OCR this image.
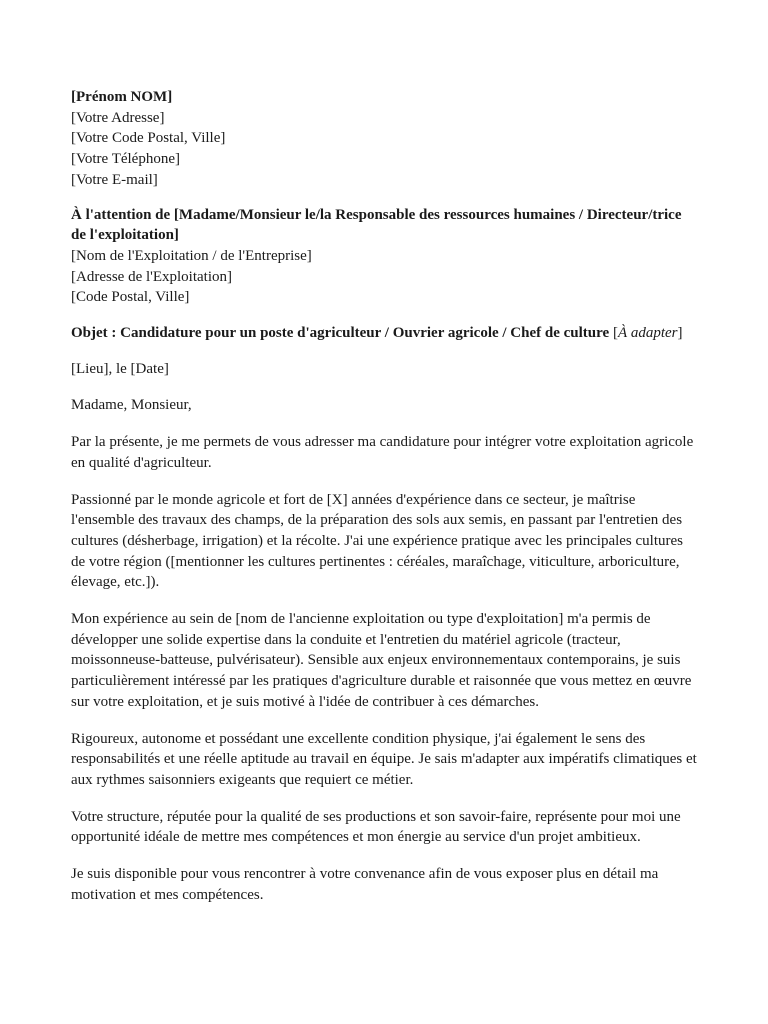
[Prénom NOM]
[Votre Adresse]
[Votre Code Postal, Ville]
[Votre Téléphone]
[Votre E-mail]
À l'attention de [Madame/Monsieur le/la Responsable des ressources humaines / Directeur/trice de l'exploitation]
[Nom de l'Exploitation / de l'Entreprise]
[Adresse de l'Exploitation]
[Code Postal, Ville]
Objet : Candidature pour un poste d'agriculteur / Ouvrier agricole / Chef de culture [À adapter]
[Lieu], le [Date]
Madame, Monsieur,

Par la présente, je me permets de vous adresser ma candidature pour intégrer votre exploitation agricole en qualité d'agriculteur.

Passionné par le monde agricole et fort de [X] années d'expérience dans ce secteur, je maîtrise l'ensemble des travaux des champs, de la préparation des sols aux semis, en passant par l'entretien des cultures (désherbage, irrigation) et la récolte. J'ai une expérience pratique avec les principales cultures de votre région ([mentionner les cultures pertinentes : céréales, maraîchage, viticulture, arboriculture, élevage, etc.]).

Mon expérience au sein de [nom de l'ancienne exploitation ou type d'exploitation] m'a permis de développer une solide expertise dans la conduite et l'entretien du matériel agricole (tracteur, moissonneuse-batteuse, pulvérisateur). Sensible aux enjeux environnementaux contemporains, je suis particulièrement intéressé par les pratiques d'agriculture durable et raisonnée que vous mettez en œuvre sur votre exploitation, et je suis motivé à l'idée de contribuer à ces démarches.

Rigoureux, autonome et possédant une excellente condition physique, j'ai également le sens des responsabilités et une réelle aptitude au travail en équipe. Je sais m'adapter aux impératifs climatiques et aux rythmes saisonniers exigeants que requiert ce métier.

Votre structure, réputée pour la qualité de ses productions et son savoir-faire, représente pour moi une opportunité idéale de mettre mes compétences et mon énergie au service d'un projet ambitieux.

Je suis disponible pour vous rencontrer à votre convenance afin de vous exposer plus en détail ma motivation et mes compétences.
